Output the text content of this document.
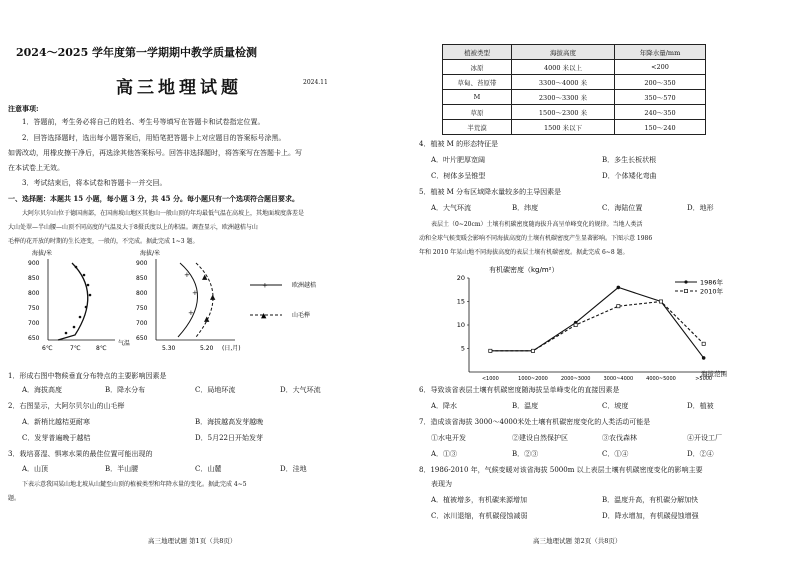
2024～2025 学年度第一学期期中教学质量检测
高三地理试题	2024.11
注意事项:
1．答题前，考生务必将自己的姓名、考生号等填写在答题卡和试卷指定位置。
2．回答选择题时，选出每小题答案后，用铅笔把答题卡上对应题目的答案标号涂黑。
如需改动，用橡皮擦干净后，再选涂其他答案标号。回答非选择题时，将答案写在答题卡上。写
在本试卷上无效。
3．考试结束后，将本试卷和答题卡一并交回。
一、选择题：本题共 15 小题，每小题 3 分，共 45 分。每小题只有一个选项符合题目要求。
大阿尔贝尔山位于德国南部，在国南坡山地区其他山一般山顶的年均最低气温在高坡上，其地面坡度落差是
大山处翠—半山腰—山顶不同高度的气温及大于8摄氏度以上的积温。调查显示，欧洲越桔与山
毛榉的花开放的时期的生长迹变，一般的，不完成。据此完成 1~3 题。
海拔/米
900
850
800
750
700
650
6℃	7℃	8℃
气温
海拔/米
900
850
800
750
700
650
5.30	5.20 (日,月)
+
+
+
▲
▲
▲
+	欧洲越桔
▲	山毛榉
1．形成右图中物候垂直分布特点的主要影响因素是
A．海拔高度	B．降水分布	C．局地环流	D．大气环流
2．右图显示，大阿尔贝尔山的山毛榉
A．新梢比越桔更耐寒	B．海拔越高发芽越晚
C．发芽普遍晚于越桔	D．5月22日开始发芽
3．栽培喜湿、惧寒水果的最佳位置可能出现的
A．山顶	B．半山腰	C．山麓	D．洼地
下表示意我国某山地北坡从山麓至山顶的植被类型和年降水量的变化。据此完成 4~5
题。
高三地理试题 第1页（共8页）
植被类型	海拔高度	年降水量/mm
冰原	4000 米以上	<200
草甸、苔原带	3300～4000 米	200～350
M	2300～3300 米	350～570
草原	1500～2300 米	240～350
半荒漠	1500 米以下	150～240
4．植被 M 的形态特征是
A．叶片肥厚宽阔	B．多生长板状根
C．树体多呈锥型	D．个体矮化弯曲
5．植被 M 分布区域降水量较多的主导因素是
A．大气环流	B．纬度	C．海陆位置	D．地形
表层土（0~20cm）土壤有机碳密度随海拔升高呈单峰变化的规律。当地人类活
动和全球气候变暖会影响不同海拔高度的土壤有机碳密度产生显著影响。下图示意 1986
年和 2010 年某山地不同海拔高度的表层土壤有机碳密度。据此完成 6~8 题。
有机碳密度（kg/m²）
20
15
10
5
<1000	1000~2000	2000~3000	3000~4000	4000~5000	>5000
海拔范围
1986年
2010年
6．导致该省表层土壤有机碳密度随海拔呈单峰变化的直接因素是
A．降水	B．温度	C．坡度	D．植被
7．造成该省海拔 3000～4000米处土壤有机碳密度变化的人类活动可能是
①水电开发	②建设自然保护区	③农伐森林	④开设工厂
A．①③	B．②③	C．①④	D．②④
8．1986-2010 年，气候变暖对该省海拔 5000m 以上表层土壤有机碳密度变化的影响主要
表现为
A．植被增多，有机碳来源增加	B．温度升高，有机碳分解加快
C．冰川退缩，有机碳侵蚀减弱	D．降水增加，有机碳侵蚀增强
高三地理试题 第2页（共8页）
